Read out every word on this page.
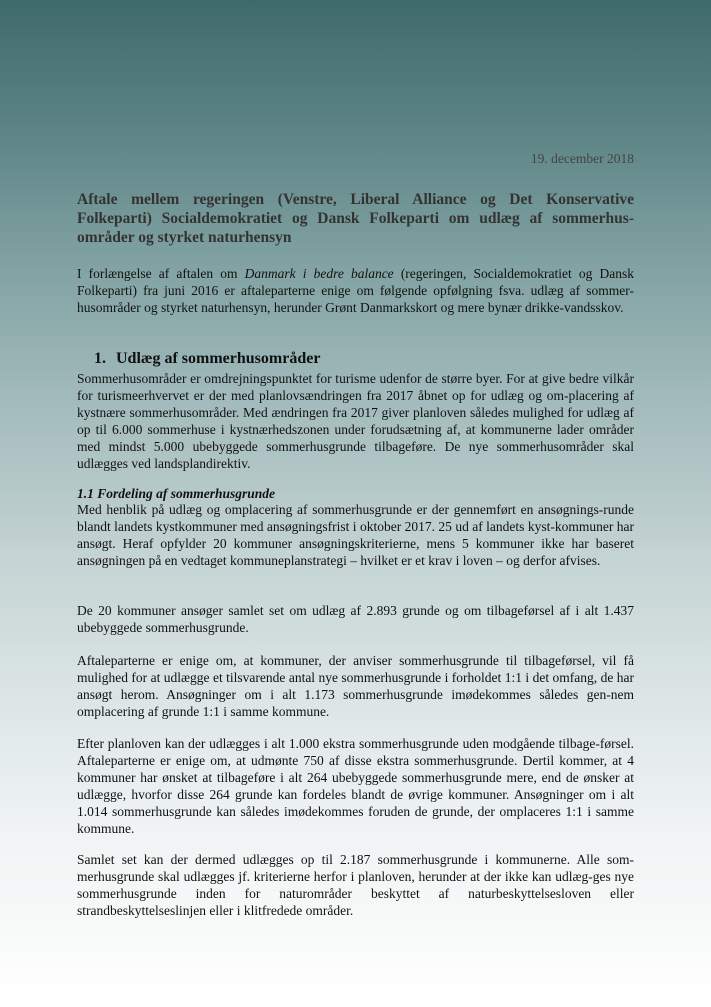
19. december 2018
Aftale mellem regeringen (Venstre, Liberal Alliance og Det Konservative Folkeparti) Socialdemokratiet og Dansk Folkeparti om udlæg af sommerhus-områder og styrket naturhensyn

I forlængelse af aftalen om Danmark i bedre balance (regeringen, Socialdemokratiet og Dansk Folkeparti) fra juni 2016 er aftaleparterne enige om følgende opfølgning fsva. udlæg af sommer-husområder og styrket naturhensyn, herunder Grønt Danmarkskort og mere bynær drikke-vandsskov.

1. Udlæg af sommerhusområder

Sommerhusområder er omdrejningspunktet for turisme udenfor de større byer. For at give bedre vilkår for turismeerhvervet er der med planlovsændringen fra 2017 åbnet op for udlæg og om-placering af kystnære sommerhusområder. Med ændringen fra 2017 giver planloven således mulighed for udlæg af op til 6.000 sommerhuse i kystnærhedszonen under forudsætning af, at kommunerne lader områder med mindst 5.000 ubebyggede sommerhusgrunde tilbageføre. De nye sommerhusområder skal udlægges ved landsplandirektiv.

1.1 Fordeling af sommerhusgrunde

Med henblik på udlæg og omplacering af sommerhusgrunde er der gennemført en ansøgnings-runde blandt landets kystkommuner med ansøgningsfrist i oktober 2017. 25 ud af landets kyst-kommuner har ansøgt. Heraf opfylder 20 kommuner ansøgningskriterierne, mens 5 kommuner ikke har baseret ansøgningen på en vedtaget kommuneplanstrategi – hvilket er et krav i loven – og derfor afvises.

De 20 kommuner ansøger samlet set om udlæg af 2.893 grunde og om tilbageførsel af i alt 1.437 ubebyggede sommerhusgrunde.

Aftaleparterne er enige om, at kommuner, der anviser sommerhusgrunde til tilbageførsel, vil få mulighed for at udlægge et tilsvarende antal nye sommerhusgrunde i forholdet 1:1 i det omfang, de har ansøgt herom. Ansøgninger om i alt 1.173 sommerhusgrunde imødekommes således gen-nem omplacering af grunde 1:1 i samme kommune.

Efter planloven kan der udlægges i alt 1.000 ekstra sommerhusgrunde uden modgående tilbage-førsel. Aftaleparterne er enige om, at udmønte 750 af disse ekstra sommerhusgrunde. Dertil kommer, at 4 kommuner har ønsket at tilbageføre i alt 264 ubebyggede sommerhusgrunde mere, end de ønsker at udlægge, hvorfor disse 264 grunde kan fordeles blandt de øvrige kommuner. Ansøgninger om i alt 1.014 sommerhusgrunde kan således imødekommes foruden de grunde, der omplaceres 1:1 i samme kommune.

Samlet set kan der dermed udlægges op til 2.187 sommerhusgrunde i kommunerne. Alle som-merhusgrunde skal udlægges jf. kriterierne herfor i planloven, herunder at der ikke kan udlæg-ges nye sommerhusgrunde inden for naturområder beskyttet af naturbeskyttelsesloven eller strandbeskyttelseslinjen eller i klitfredede områder.
